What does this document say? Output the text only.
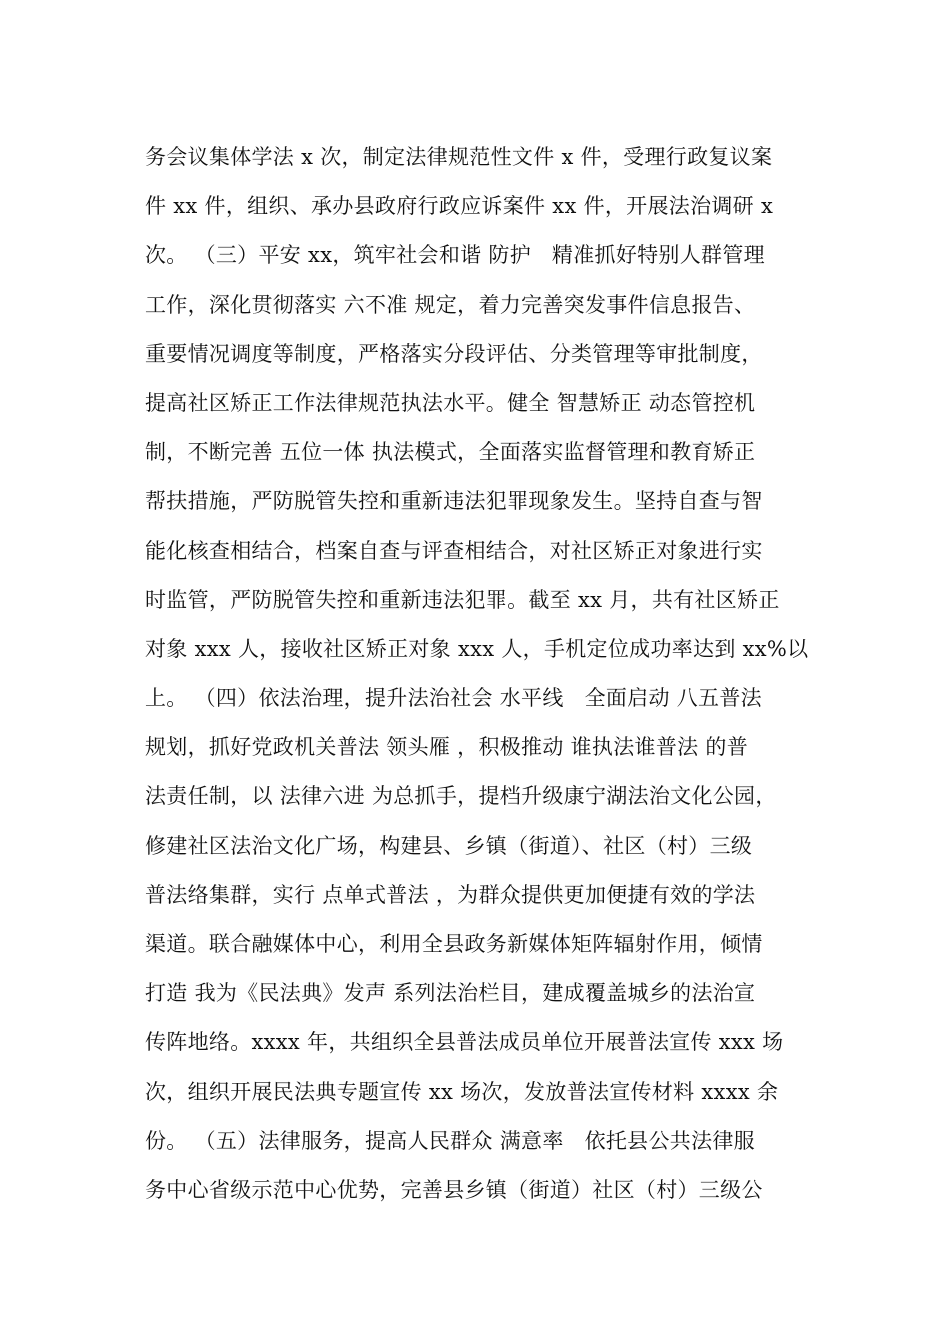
务会议集体学法 x 次，制定法律规范性文件 x 件，受理行政复议案
件 xx 件，组织、承办县政府行政应诉案件 xx 件，开展法治调研 x
次。 （三）平安 xx，筑牢社会和谐 防护   精准抓好特别人群管理
工作，深化贯彻落实 六不准 规定，着力完善突发事件信息报告、
重要情况调度等制度，严格落实分段评估、分类管理等审批制度，
提高社区矫正工作法律规范执法水平。健全 智慧矫正 动态管控机
制，不断完善 五位一体 执法模式，全面落实监督管理和教育矫正
帮扶措施，严防脱管失控和重新违法犯罪现象发生。坚持自查与智
能化核查相结合，档案自查与评查相结合，对社区矫正对象进行实
时监管，严防脱管失控和重新违法犯罪。截至 xx 月，共有社区矫正
对象 xxx 人，接收社区矫正对象 xxx 人，手机定位成功率达到 xx%以
上。 （四）依法治理，提升法治社会 水平线   全面启动 八五普法
规划，抓好党政机关普法 领头雁 ，积极推动 谁执法谁普法 的普
法责任制，以 法律六进 为总抓手，提档升级康宁湖法治文化公园，
修建社区法治文化广场，构建县、乡镇（街道）、社区（村）三级
普法络集群，实行 点单式普法 ，为群众提供更加便捷有效的学法
渠道。联合融媒体中心，利用全县政务新媒体矩阵辐射作用，倾情
打造 我为《民法典》发声 系列法治栏目，建成覆盖城乡的法治宣
传阵地络。xxxx 年，共组织全县普法成员单位开展普法宣传 xxx 场
次，组织开展民法典专题宣传 xx 场次，发放普法宣传材料 xxxx 余
份。 （五）法律服务，提高人民群众 满意率   依托县公共法律服
务中心省级示范中心优势，完善县乡镇（街道）社区（村）三级公
